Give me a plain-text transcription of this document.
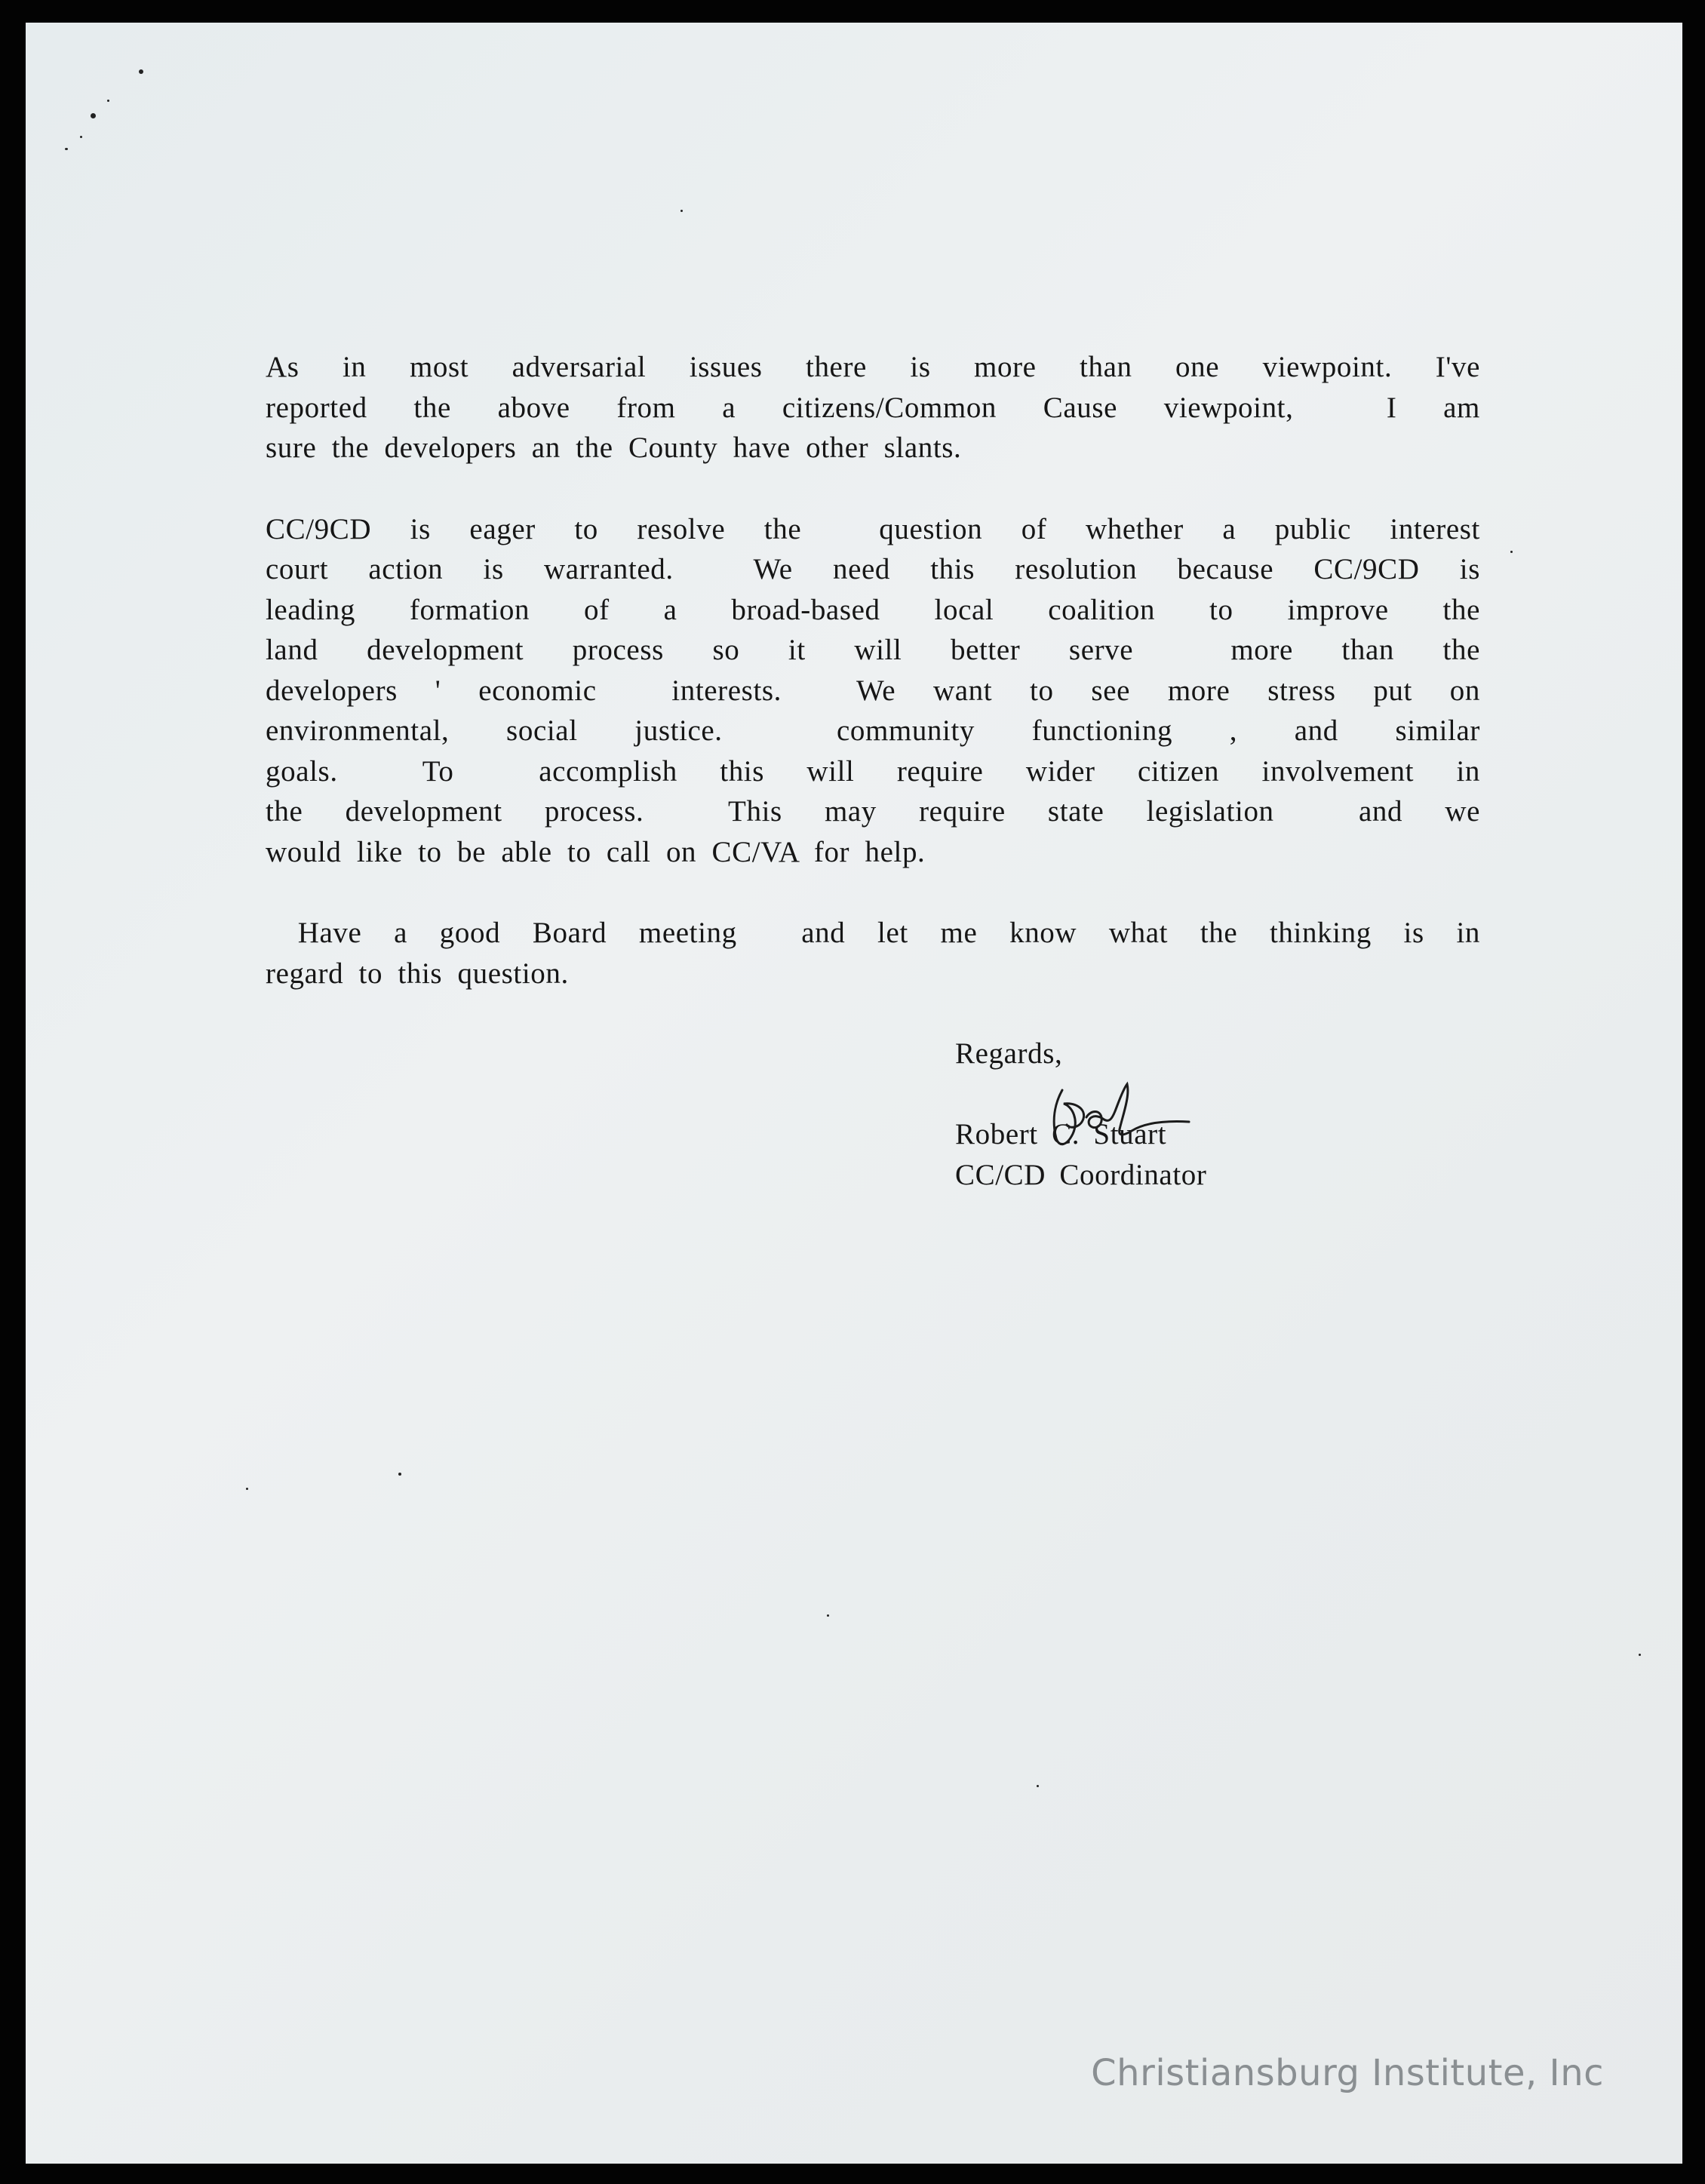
As in most adversarial issues there is more than one viewpoint. I've
reported the above from a citizens/Common Cause viewpoint,  I am
sure the developers an the County have other slants.
CC/9CD is eager to resolve the  question of whether a public interest
court action is warranted.  We need this resolution because CC/9CD is
leading formation of a broad-based local coalition to improve the
land development process so it will better serve  more than the
developers ' economic  interests.  We want to see more stress put on
environmental, social justice.  community functioning , and similar
goals.  To  accomplish this will require wider citizen involvement in
the development process.  This may require state legislation  and we
would like to be able to call on CC/VA for help.
Have a good Board meeting  and let me know what the thinking is in
regard to this question.
Regards,
Robert C. Stuart
CC/CD Coordinator
Christiansburg Institute, Inc
